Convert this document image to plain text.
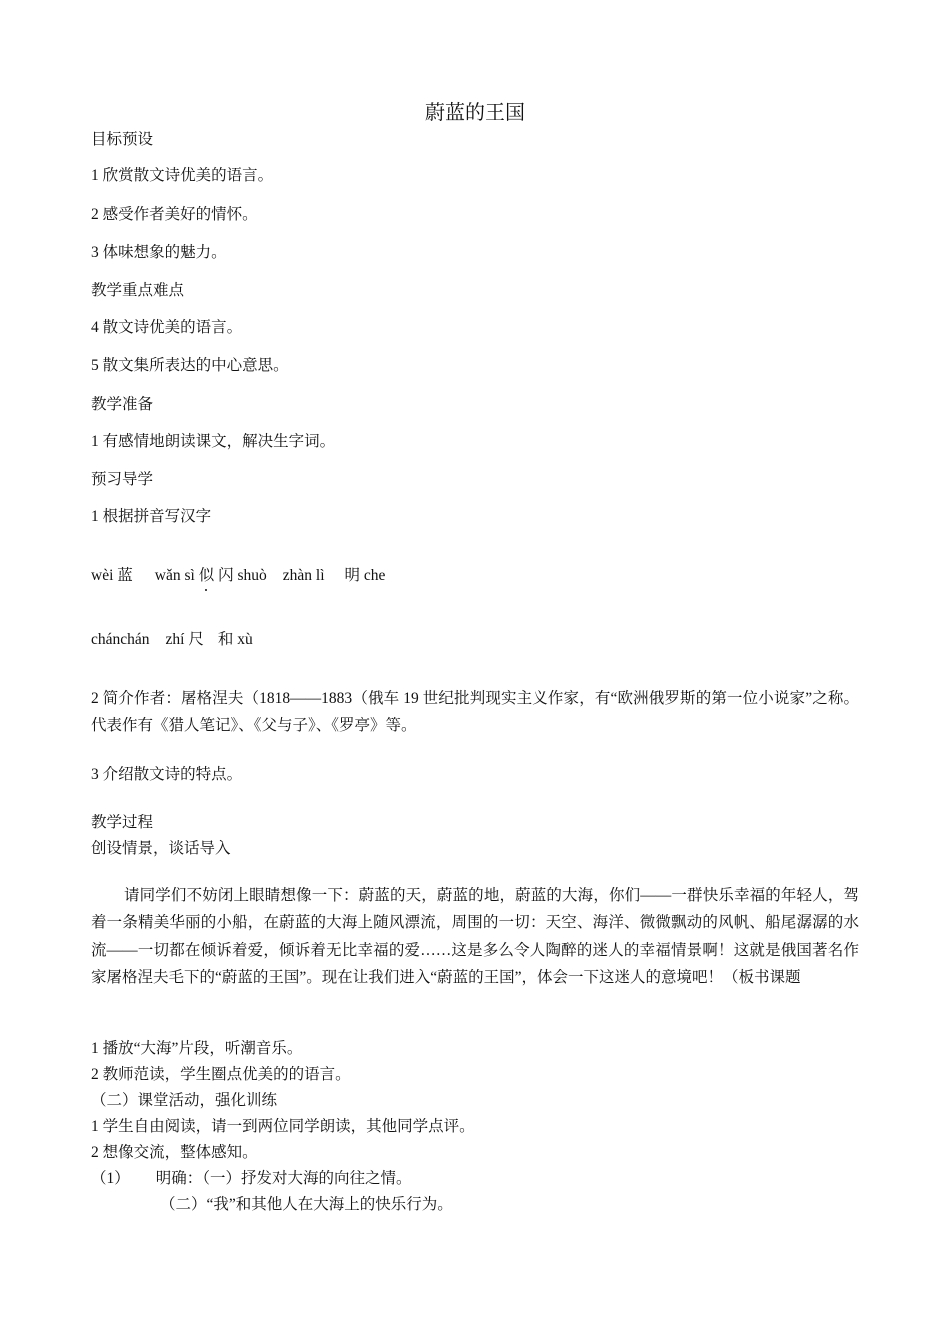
蔚蓝的王国
目标预设
1 欣赏散文诗优美的语言。
2 感受作者美好的情怀。
3 体味想象的魅力。
教学重点难点
4 散文诗优美的语言。
5 散文集所表达的中心意思。
教学准备
1 有感情地朗读课文，解决生字词。
预习导学
1 根据拼音写汉字
wèi 蓝 wǎn sì 似 闪 shuò zhàn lì 明 che
chánchán zhí 尺 和 xù
2 简介作者：屠格涅夫（1818——1883（俄车 19 世纪批判现实主义作家，有“欧洲俄罗斯的第一位小说家”之称。代表作有《猎人笔记》、《父与子》、《罗亭》等。
3 介绍散文诗的特点。
教学过程
创设情景，谈话导入
请同学们不妨闭上眼睛想像一下：蔚蓝的天，蔚蓝的地，蔚蓝的大海，你们——一群快乐幸福的年轻人，驾着一条精美华丽的小船，在蔚蓝的大海上随风漂流，周围的一切：天空、海洋、微微飘动的风帆、船尾潺潺的水流——一切都在倾诉着爱，倾诉着无比幸福的爱……这是多么令人陶醉的迷人的幸福情景啊！这就是俄国著名作家屠格涅夫毛下的“蔚蓝的王国”。现在让我们进入“蔚蓝的王国”，体会一下这迷人的意境吧！（板书课题
1 播放“大海”片段，听潮音乐。
2 教师范读，学生圈点优美的的语言。
（二）课堂活动，强化训练
1 学生自由阅读，请一到两位同学朗读，其他同学点评。
2 想像交流，整体感知。
（1） 明确：（一）抒发对大海的向往之情。
（二）“我”和其他人在大海上的快乐行为。
